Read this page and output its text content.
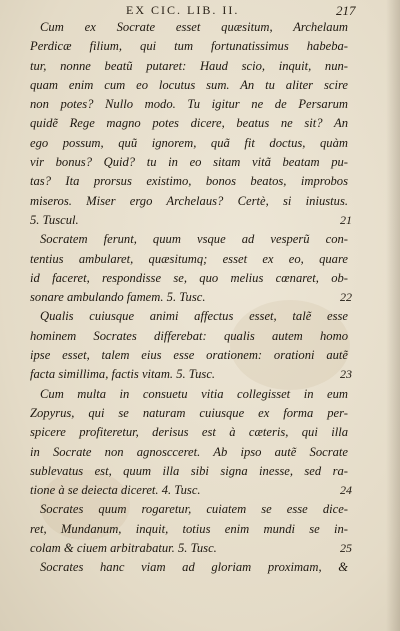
EX CIC. LIB. II.	217
Cum ex Socrate esset quæsitum, Archelaum
Perdicæ filium, qui tum fortunatissimus habeba-
tur, nonne beatũ putaret: Haud scio, inquit, nun-
quam enim cum eo locutus sum. An tu aliter scire
non potes? Nullo modo. Tu igitur ne de Persarum
quidẽ Rege magno potes dicere, beatus ne sit? An
ego possum, quũ ignorem, quã fit doctus, quàm
vir bonus? Quid? tu in eo sitam vitã beatam pu-
tas? Ita prorsus existimo, bonos beatos, improbos
miseros. Miser ergo Archelaus? Certè, si iniustus.
5. Tuscul.	21
Socratem ferunt, quum vsque ad vesperũ con-
tentius ambularet, quæsitumq; esset ex eo, quare
id faceret, respondisse se, quo melius cœnaret, ob-
sonare ambulando famem. 5. Tusc.	22
Qualis cuiusque animi affectus esset, talẽ esse
hominem Socrates differebat: qualis autem homo
ipse esset, talem eius esse orationem: orationi autẽ
facta simillima, factis vitam. 5. Tusc.	23
Cum multa in consuetu vitia collegisset in eum
Zopyrus, qui se naturam cuiusque ex forma per-
spicere profiteretur, derisus est à cæteris, qui illa
in Socrate non agnoscceret. Ab ipso autẽ Socrate
sublevatus est, quum illa sibi signa inesse, sed ra-
tione à se deiecta diceret. 4. Tusc.	24
Socrates quum rogaretur, cuiatem se esse dice-
ret, Mundanum, inquit, totius enim mundi se in-
colam & ciuem arbitrabatur. 5. Tusc.	25
Socrates hanc viam ad gloriam proximam, &
